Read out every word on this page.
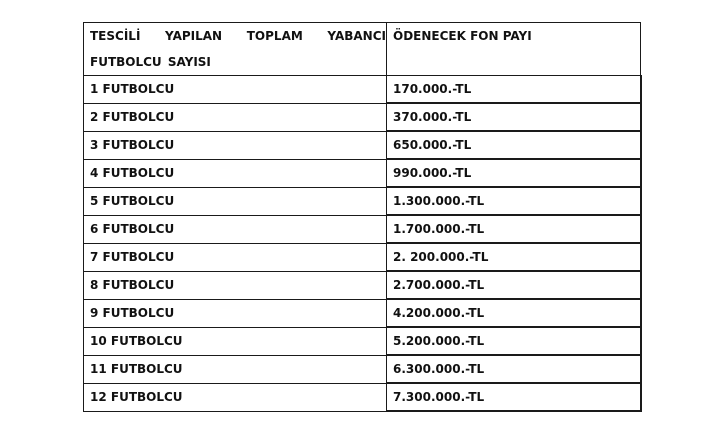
TESCİLİ YAPILAN TOPLAM YABANCI FUTBOLCU SAYISI	ÖDENECEK FON PAYI
1 FUTBOLCU	170.000.-TL
2 FUTBOLCU	370.000.-TL
3 FUTBOLCU	650.000.-TL
4 FUTBOLCU	990.000.-TL
5 FUTBOLCU	1.300.000.-TL
6 FUTBOLCU	1.700.000.-TL
7 FUTBOLCU	2. 200.000.-TL
8 FUTBOLCU	2.700.000.-TL
9 FUTBOLCU	4.200.000.-TL
10 FUTBOLCU	5.200.000.-TL
11 FUTBOLCU	6.300.000.-TL
12 FUTBOLCU	7.300.000.-TL
